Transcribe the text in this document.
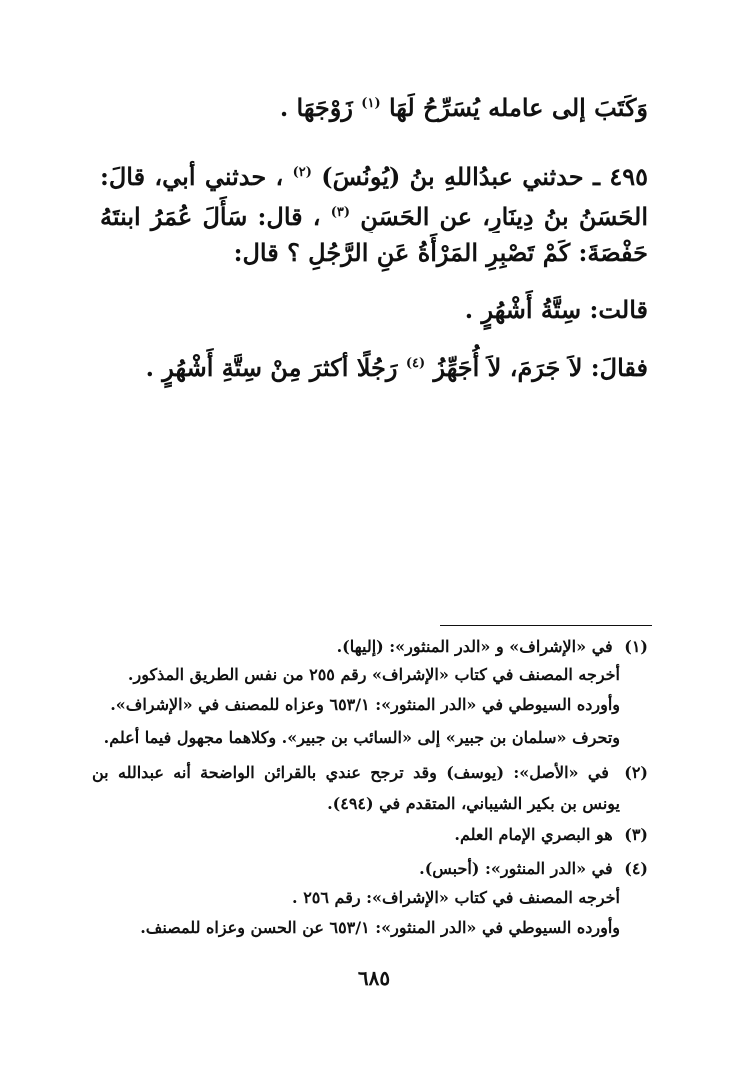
وَكَتَبَ إلى عامله يُسَرِّحُ لَهَا $^{(١)}$ زَوْجَهَا .
٤٩٥ ـ حدثني عبدُاللهِ بنُ (يُونُسَ) $^{(٢)}$ ، حدثني أبي، قالَ:
الحَسَنُ بنُ دِينَارٍ، عن الحَسَنِ $^{(٣)}$ ، قال: سَأَلَ عُمَرُ ابنتَهُ
حَفْصَةَ: كَمْ تَصْبِرِ المَرْأَةُ عَنِ الرَّجُلِ ؟ قال:
قالت: سِتَّةُ أَشْهُرٍ .
فقالَ: لاَ جَرَمَ، لاَ أُجَهِّزُ $^{(٤)}$ رَجُلًا أكثرَ مِنْ سِتَّةِ أَشْهُرٍ .
(١) في «الإشراف» و «الدر المنثور»: (إليها).
أخرجه المصنف في كتاب «الإشراف» رقم ٢٥٥ من نفس الطريق المذكور.
وأورده السيوطي في «الدر المنثور»: ٦٥٣/١ وعزاه للمصنف في «الإشراف».
وتحرف «سلمان بن جبير» إلى «السائب بن جبير». وكلاهما مجهول فيما أعلم.
(٢) في «الأصل»: (يوسف) وقد ترجح عندي بالقرائن الواضحة أنه عبدالله بن
يونس بن بكير الشيباني، المتقدم في (٤٩٤).
(٣) هو البصري الإمام العلم.
(٤) في «الدر المنثور»: (أحبس).
أخرجه المصنف في كتاب «الإشراف»: رقم ٢٥٦ .
وأورده السيوطي في «الدر المنثور»: ٦٥٣/١ عن الحسن وعزاه للمصنف.
٦٨٥
